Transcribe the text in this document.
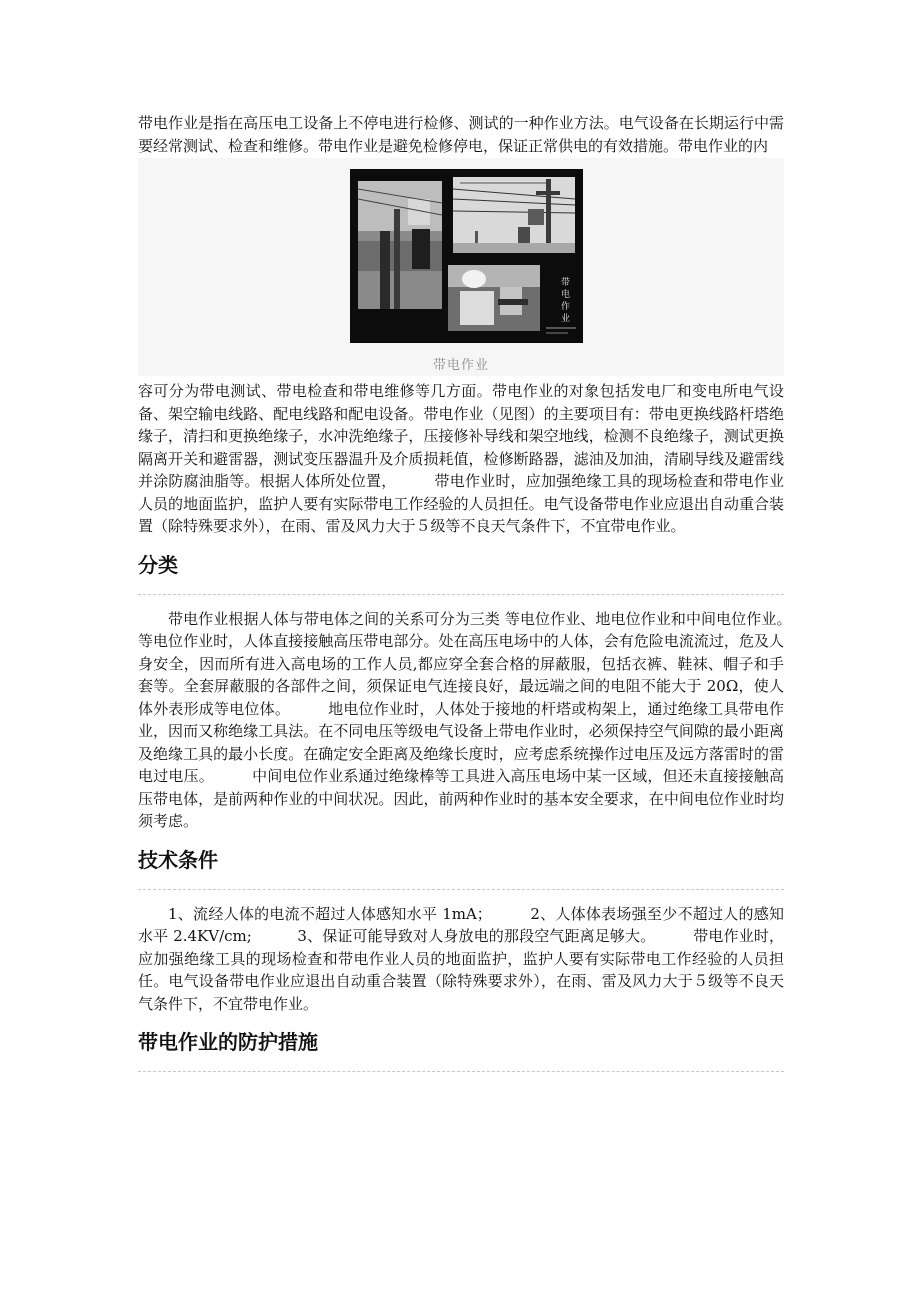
带电作业是指在高压电工设备上不停电进行检修、测试的一种作业方法。电气设备在长期运行中需要经常测试、检查和维修。带电作业是避免检修停电，保证正常供电的有效措施。带电作业的内

带
电
作
业
带电作业

容可分为带电测试、带电检查和带电维修等几方面。带电作业的对象包括发电厂和变电所电气设备、架空输电线路、配电线路和配电设备。带电作业（见图）的主要项目有：带电更换线路杆塔绝缘子，清扫和更换绝缘子，水冲洗绝缘子，压接修补导线和架空地线，检测不良绝缘子，测试更换隔离开关和避雷器，测试变压器温升及介质损耗值，检修断路器，滤油及加油，清刷导线及避雷线并涂防腐油脂等。根据人体所处位置，　　　带电作业时，应加强绝缘工具的现场检查和带电作业人员的地面监护，监护人要有实际带电工作经验的人员担任。电气设备带电作业应退出自动重合装置（除特殊要求外），在雨、雷及风力大于５级等不良天气条件下，不宜带电作业。

分类

带电作业根据人体与带电体之间的关系可分为三类 等电位作业、地电位作业和中间电位作业。　　　等电位作业时，人体直接接触高压带电部分。处在高压电场中的人体，会有危险电流流过，危及人身安全，因而所有进入高电场的工作人员,都应穿全套合格的屏蔽服，包括衣裤、鞋袜、帽子和手套等。全套屏蔽服的各部件之间，须保证电气连接良好，最远端之间的电阻不能大于 20Ω，使人体外表形成等电位体。　　　地电位作业时，人体处于接地的杆塔或构架上，通过绝缘工具带电作业，因而又称绝缘工具法。在不同电压等级电气设备上带电作业时，必须保持空气间隙的最小距离及绝缘工具的最小长度。在确定安全距离及绝缘长度时，应考虑系统操作过电压及远方落雷时的雷电过电压。　　　中间电位作业系通过绝缘棒等工具进入高压电场中某一区域，但还未直接接触高压带电体，是前两种作业的中间状况。因此，前两种作业时的基本安全要求，在中间电位作业时均须考虑。

技术条件

1、流经人体的电流不超过人体感知水平 1mA；　　　2、人体体表场强至少不超过人的感知水平 2.4KV/cm;　　　3、保证可能导致对人身放电的那段空气距离足够大。　　　带电作业时，应加强绝缘工具的现场检查和带电作业人员的地面监护，监护人要有实际带电工作经验的人员担任。电气设备带电作业应退出自动重合装置（除特殊要求外），在雨、雷及风力大于５级等不良天气条件下，不宜带电作业。

带电作业的防护措施
